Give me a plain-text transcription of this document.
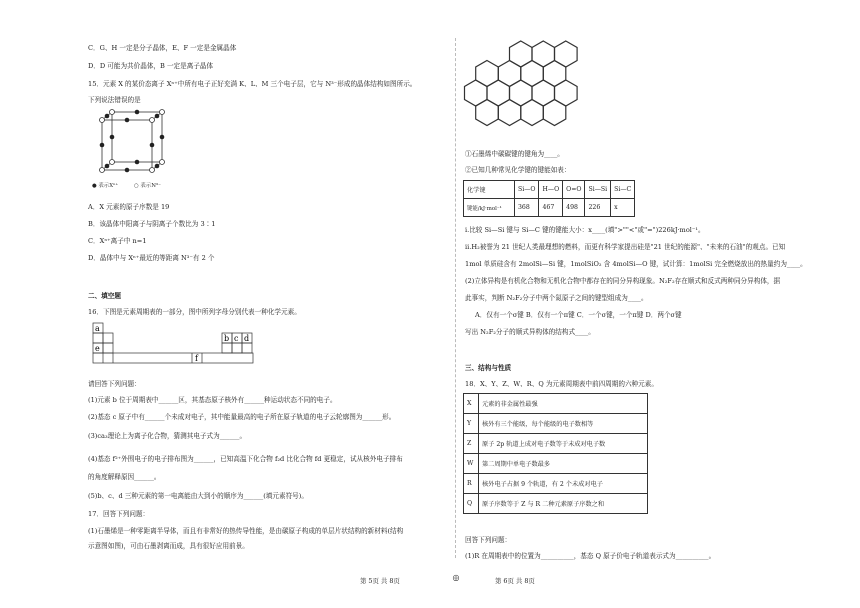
C．G、H 一定是分子晶体，E、F 一定是金属晶体
D．D 可能为共价晶体，B 一定是离子晶体
15．元素 X 的某价态离子 Xⁿ⁺中所有电子正好充满 K、L、M 三个电子层，它与 N³⁻形成的晶体结构如图所示。
下列说法错误的是
● 表示Xⁿ⁺	○ 表示N³⁻
A．X 元素的原子序数是 19
B．该晶体中阳离子与阴离子个数比为 3∶1
C．Xⁿ⁺离子中 n=1
D．晶体中与 Xⁿ⁺最近的等距离 N³⁻有 2 个
二、填空题
16．下图是元素周期表的一部分，图中所列字母分别代表一种化学元素。
a
e
b c d
f
请回答下列问题：
(1)元素 b 位于周期表中______区，其基态原子核外有______种运动状态不同的电子。
(2)基态 c 原子中有______个未成对电子，其中能量最高的电子所在原子轨道的电子云轮廓图为______形。
(3)ca₃理论上为离子化合物，猜测其电子式为______。
(4)基态 f²⁺外围电子的电子排布图为______，已知高温下化合物 f₂d 比化合物 fd 更稳定，试从核外电子排布
的角度解释原因______。
(5)b、c、d 三种元素的第一电离能由大到小的顺序为______(填元素符号)。
17．回答下列问题：
(1)石墨烯是一种零距离半导体，而且有非常好的热传导性能，是由碳原子构成的单层片状结构的新材料(结构
示意图如图)，可由石墨剥离而成，具有很好应用前景。
第 5页 共 8页	◎
①石墨烯中碳碳键的键角为____。
②已知几种常见化学键的键能如表：
化学键	Si—O	H—O	O=O	Si—Si	Si—C
键能/kJ·mol⁻¹	368	467	498	226	x
i.比较 Si—Si 键与 Si—C 键的键能大小：x____(填">""<"或"=")226kJ·mol⁻¹。
ii.H₂被誉为 21 世纪人类最理想的燃料，而更有科学家提出硅是"21 世纪的能源"、"未来的石油"的观点。已知
1mol 单质硅含有 2molSi—Si 键，1molSiO₂ 含 4molSi—O 键，试计算：1molSi 完全燃烧放出的热量约为____。
(2)立体异构是有机化合物和无机化合物中都存在的同分异构现象。N₂F₂存在顺式和反式两种同分异构体，据
此事实，判断 N₂F₂分子中两个氮原子之间的键型组成为____。
A．仅有一个σ键 B．仅有一个π键 C．一个σ键，一个π键 D．两个σ键
写出 N₂F₂分子的顺式异构体的结构式____。
三、结构与性质
18．X、Y、Z、W、R、Q 为元素周期表中前四周期的六种元素。
X	元素的非金属性最强
Y	核外有三个能级，每个能级的电子数相等
Z	原子 2p 轨道上成对电子数等于未成对电子数
W	第二周期中单电子数最多
R	核外电子占据 9 个轨道，有 2 个未成对电子
Q	原子序数等于 Z 与 R 二种元素原子序数之和
回答下列问题：
(1)R 在周期表中的位置为__________，基态 Q 原子价电子轨道表示式为__________。
第 6页 共 8页
